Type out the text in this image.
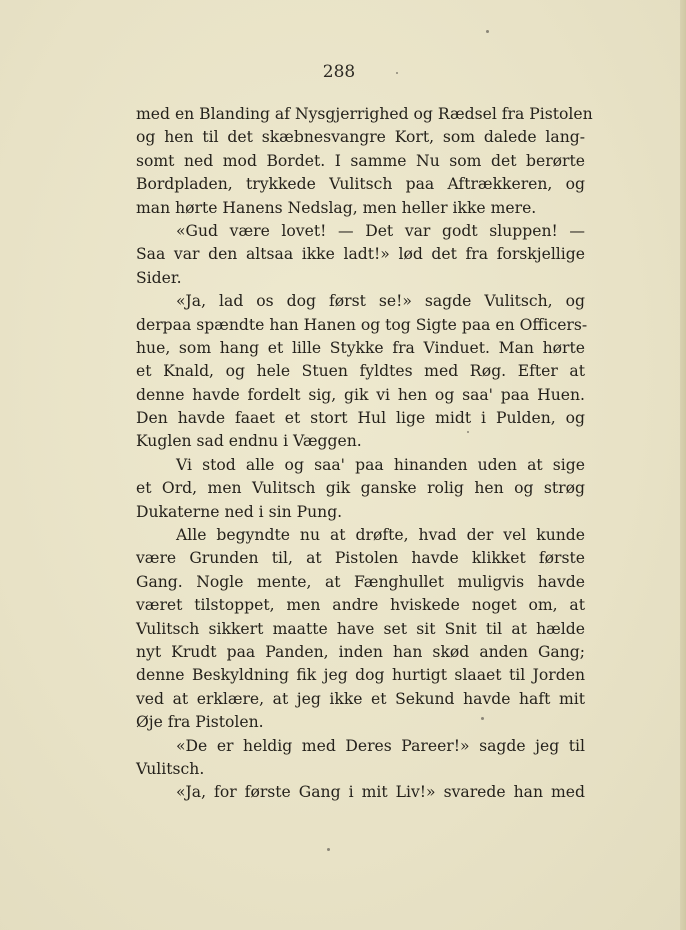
288
med en Blanding af Nysgjerrighed og Rædsel fra Pistolen
og hen til det skæbnesvangre Kort, som dalede lang-
somt ned mod Bordet. I samme Nu som det berørte
Bordpladen, trykkede Vulitsch paa Aftrækkeren, og
man hørte Hanens Nedslag, men heller ikke mere.
«Gud være lovet! — Det var godt sluppen! —
Saa var den altsaa ikke ladt!» lød det fra forskjellige
Sider.
«Ja, lad os dog først se!» sagde Vulitsch, og
derpaa spændte han Hanen og tog Sigte paa en Officers-
hue, som hang et lille Stykke fra Vinduet. Man hørte
et Knald, og hele Stuen fyldtes med Røg. Efter at
denne havde fordelt sig, gik vi hen og saa' paa Huen.
Den havde faaet et stort Hul lige midt i Pulden, og
Kuglen sad endnu i Væggen.
Vi stod alle og saa' paa hinanden uden at sige
et Ord, men Vulitsch gik ganske rolig hen og strøg
Dukaterne ned i sin Pung.
Alle begyndte nu at drøfte, hvad der vel kunde
være Grunden til, at Pistolen havde klikket første
Gang. Nogle mente, at Fænghullet muligvis havde
været tilstoppet, men andre hviskede noget om, at
Vulitsch sikkert maatte have set sit Snit til at hælde
nyt Krudt paa Panden, inden han skød anden Gang;
denne Beskyldning fik jeg dog hurtigt slaaet til Jorden
ved at erklære, at jeg ikke et Sekund havde haft mit
Øje fra Pistolen.
«De er heldig med Deres Pareer!» sagde jeg til
Vulitsch.
«Ja, for første Gang i mit Liv!» svarede han med
